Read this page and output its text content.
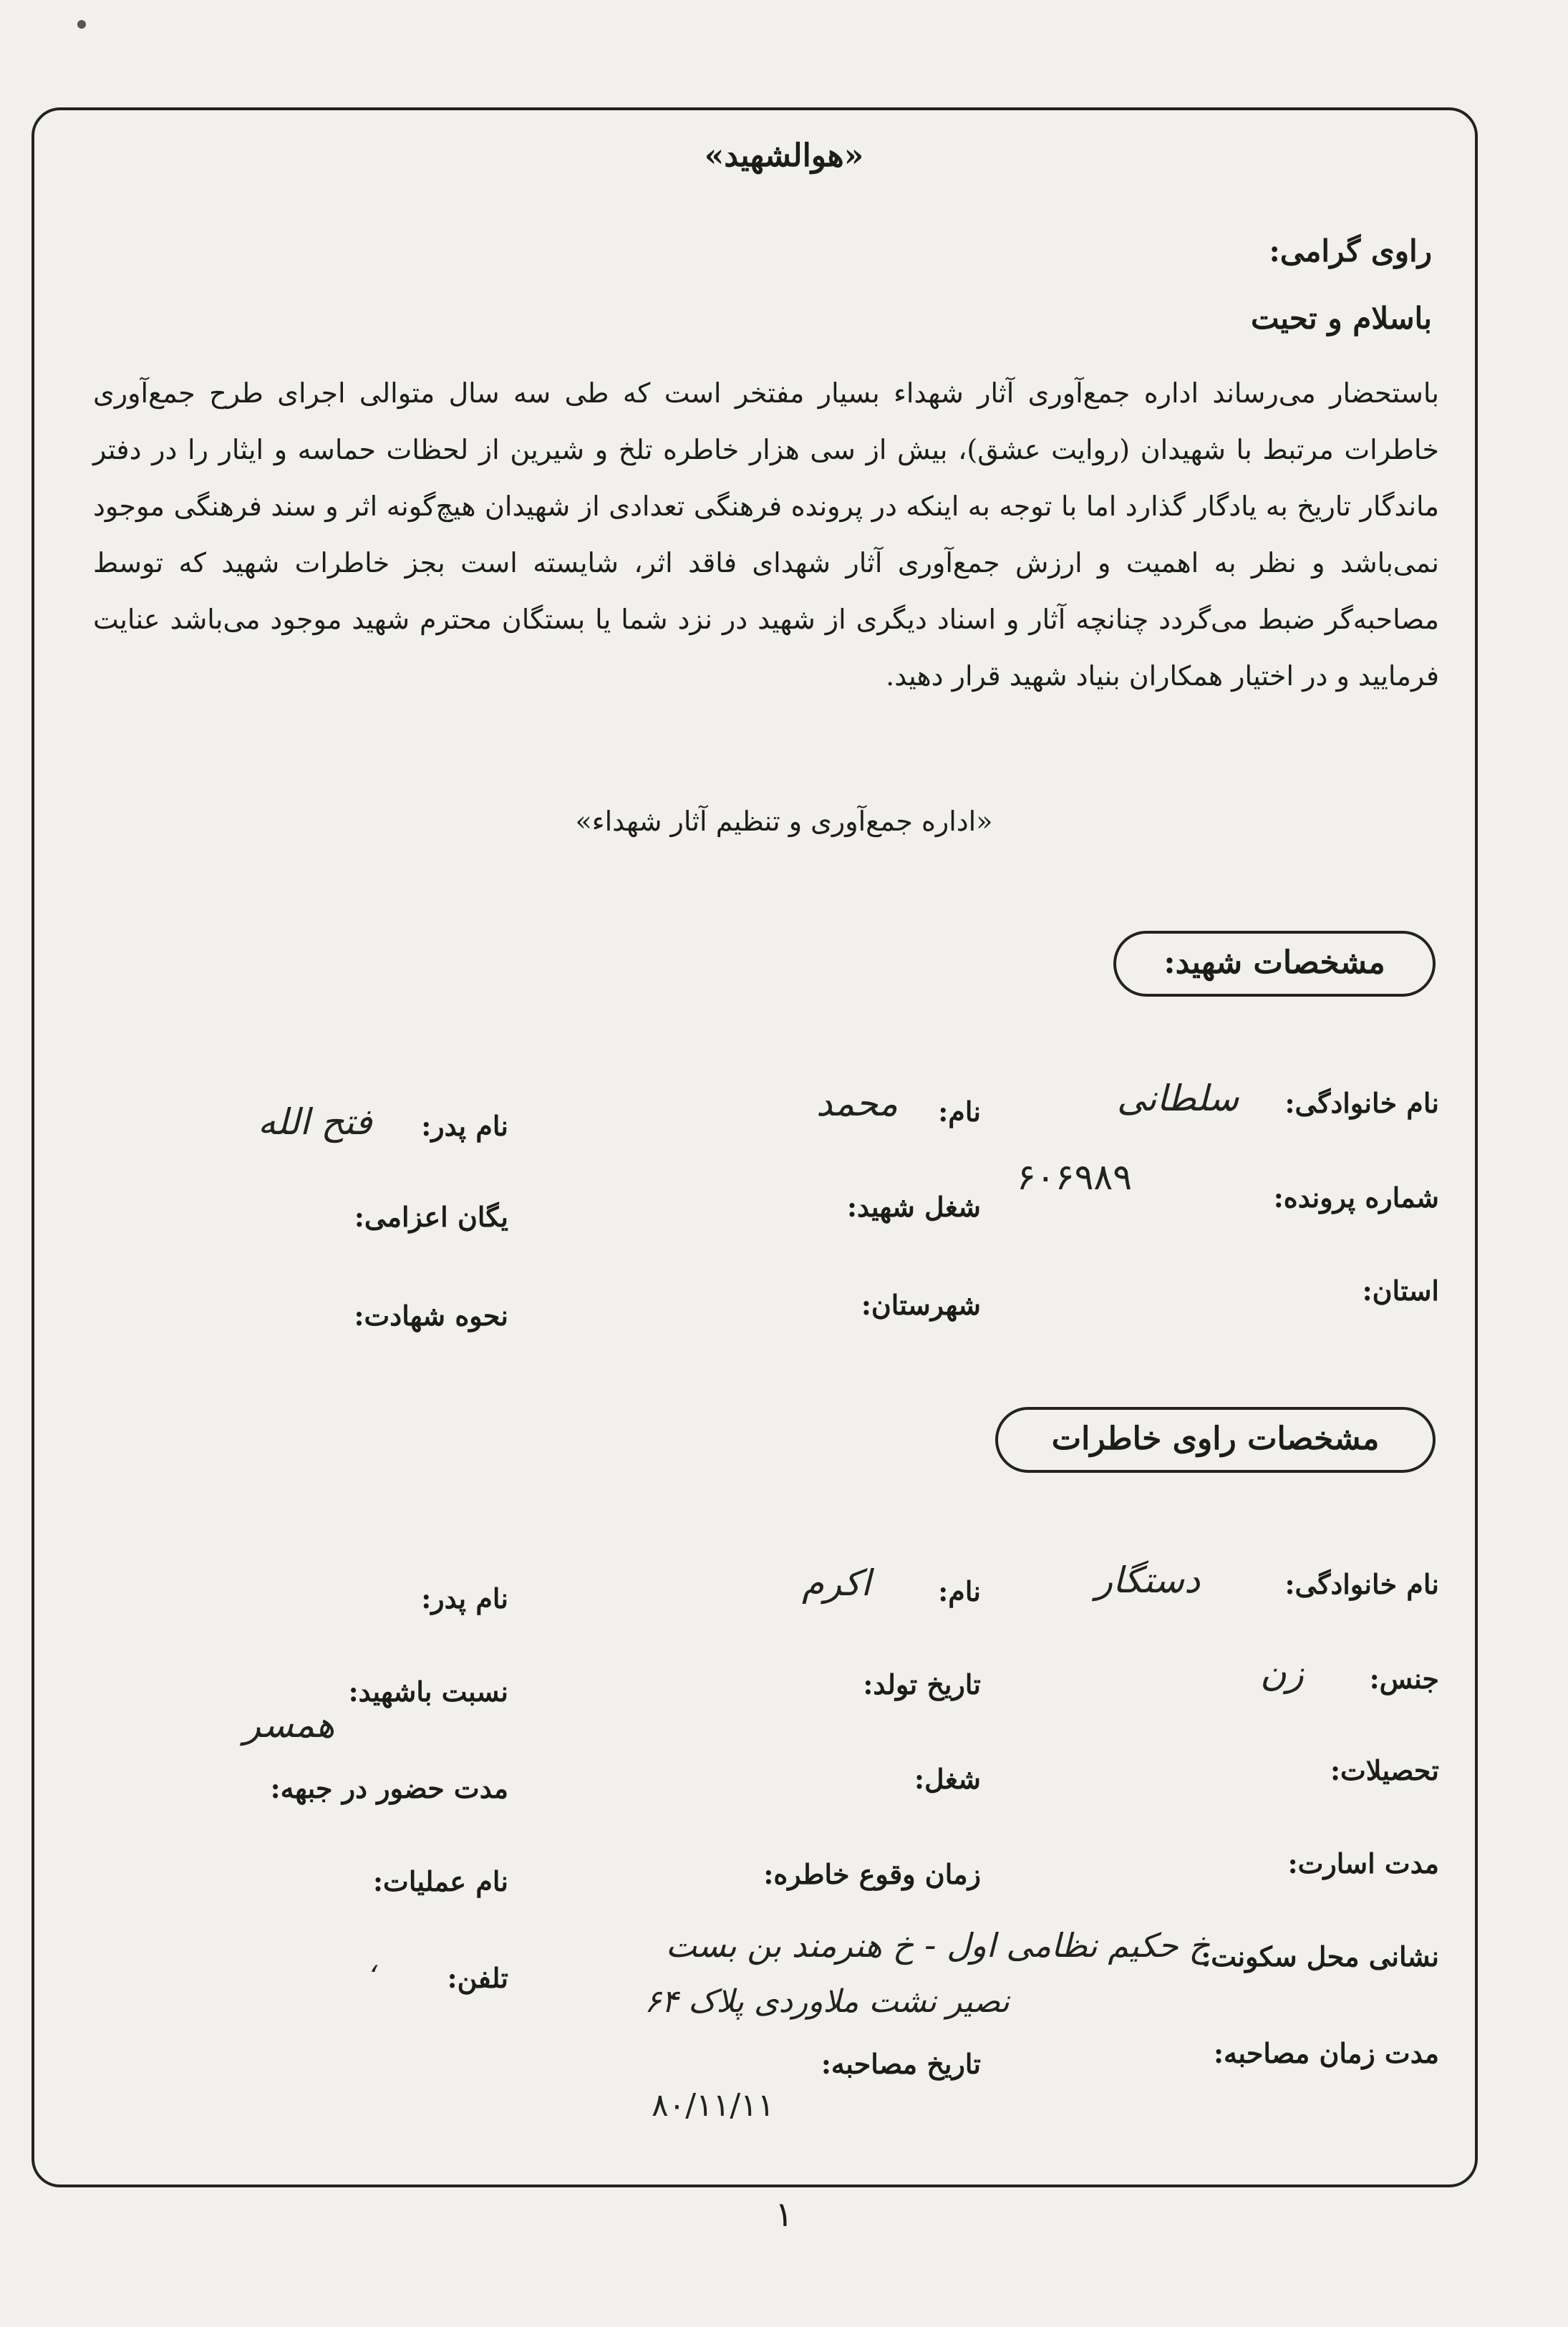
«هوالشهید»
راوی گرامی:
باسلام و تحیت

باستحضار می‌رساند اداره جمع‌آوری آثار شهداء بسیار مفتخر است که طی سه سال متوالی اجرای طرح جمع‌آوری خاطرات مرتبط با شهیدان (روایت عشق)، بیش از سی هزار خاطره تلخ و شیرین از لحظات حماسه و ایثار را در دفتر ماندگار تاریخ به یادگار گذارد اما با توجه به اینکه در پرونده فرهنگی تعدادی از شهیدان هیچ‌گونه اثر و سند فرهنگی موجود نمی‌باشد و نظر به اهمیت و ارزش جمع‌آوری آثار شهدای فاقد اثر، شایسته است بجز خاطرات شهید که توسط مصاحبه‌گر ضبط می‌گردد چنانچه آثار و اسناد دیگری از شهید در نزد شما یا بستگان محترم شهید موجود می‌باشد عنایت فرمایید و در اختیار همکاران بنیاد شهید قرار دهید.

«اداره جمع‌آوری و تنظیم آثار شهداء»
مشخصات شهید:
نام خانوادگی:
سلطانی
نام:
محمد
نام پدر:
فتح الله
شماره پرونده:
۶۰۶۹۸۹
شغل شهید:
یگان اعزامی:
استان:
شهرستان:
نحوه شهادت:
مشخصات راوی خاطرات
نام خانوادگی:
دستگار
نام:
اکرم
نام پدر:
جنس:
زن
تاریخ تولد:
نسبت باشهید:
همسر
تحصیلات:
شغل:
مدت حضور در جبهه:
مدت اسارت:
زمان وقوع خاطره:
نام عملیات:
نشانی محل سکونت:
خ حکیم نظامی اول - خ هنرمند بن بست
نصیر نشت ملاوردی پلاک ۶۴
تلفن:
،
مدت زمان مصاحبه:
تاریخ مصاحبه:
۸۰/۱۱/۱۱
۱
